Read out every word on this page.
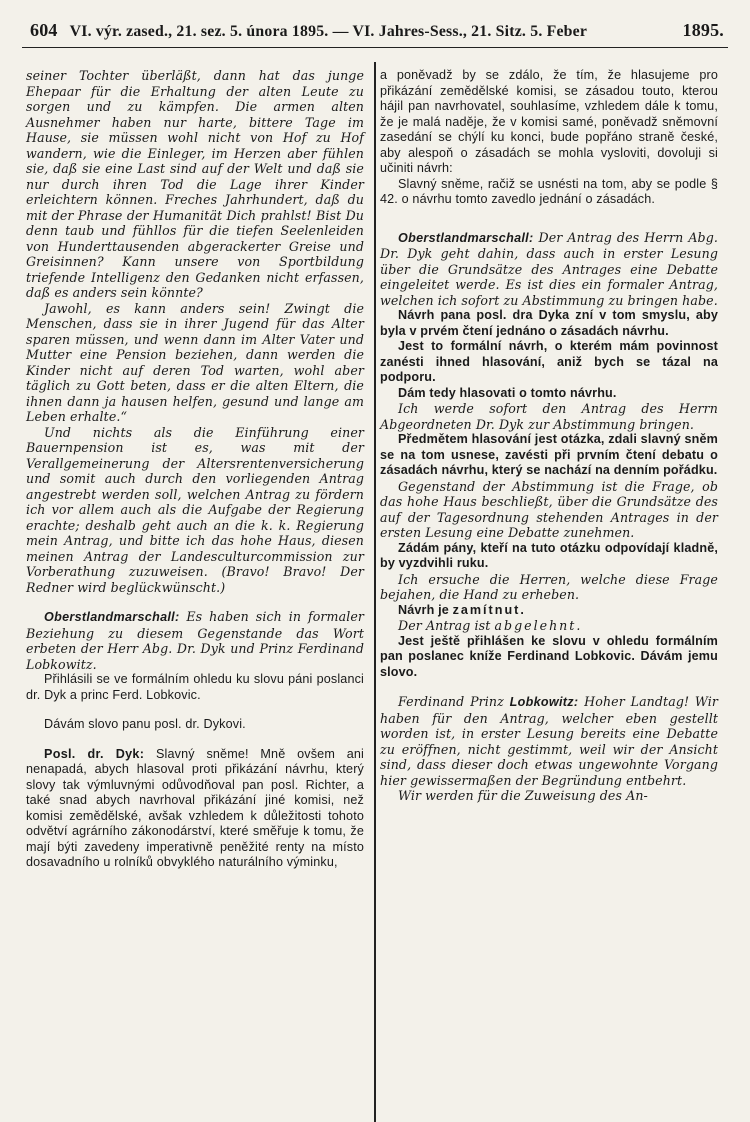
604 VI. výr. zased., 21. sez. 5. února 1895. — VI. Jahres-Sess., 21. Sitz. 5. Feber	1895.

seiner Tochter überläßt, dann hat das junge Ehepaar für die Erhaltung der alten Leute zu sorgen und zu kämpfen. Die armen alten Ausnehmer haben nur harte, bittere Tage im Hause, sie müssen wohl nicht von Hof zu Hof wandern, wie die Einleger, im Herzen aber fühlen sie, daß sie eine Last sind auf der Welt und daß sie nur durch ihren Tod die Lage ihrer Kinder erleichtern können. Freches Jahrhundert, daß du mit der Phrase der Humanität Dich prahlst! Bist Du denn taub und fühllos für die tiefen Seelenleiden von Hunderttausenden abgerackerter Greise und Greisinnen? Kann unsere von Sportbildung triefende Intelligenz den Gedanken nicht erfassen, daß es anders sein könnte?

Jawohl, es kann anders sein! Zwingt die Menschen, dass sie in ihrer Jugend für das Alter sparen müssen, und wenn dann im Alter Vater und Mutter eine Pension beziehen, dann werden die Kinder nicht auf deren Tod warten, wohl aber täglich zu Gott beten, dass er die alten Eltern, die ihnen dann ja hausen helfen, gesund und lange am Leben erhalte.“

Und nichts als die Einführung einer Bauernpension ist es, was mit der Verallgemeinerung der Altersrentenversicherung und somit auch durch den vorliegenden Antrag angestrebt werden soll, welchen Antrag zu fördern ich vor allem auch als die Aufgabe der Regierung erachte; deshalb geht auch an die k. k. Regierung mein Antrag, und bitte ich das hohe Haus, diesen meinen Antrag der Landesculturcommission zur Vorberathung zuzuweisen. (Bravo! Bravo! Der Redner wird beglückwünscht.)

Oberstlandmarschall: Es haben sich in formaler Beziehung zu diesem Gegenstande das Wort erbeten der Herr Abg. Dr. Dyk und Prinz Ferdinand Lobkowitz.

Přihlásili se ve formálním ohledu ku slovu páni poslanci dr. Dyk a princ Ferd. Lobkovic.

Dávám slovo panu posl. dr. Dykovi.

Posl. dr. Dyk: Slavný sněme! Mně ovšem ani nenapadá, abych hlasoval proti přikázání návrhu, který slovy tak výmluvnými odůvodňoval pan posl. Richter, a také snad abych navrhoval přikázání jiné komisi, než komisi zemědělské, avšak vzhledem k důležitosti tohoto odvětví agrárního zákonodárství, které směřuje k tomu, že mají býti zavedeny imperativně peněžité renty na místo dosavadního u rolníků obvyklého naturálního výminku,

a poněvadž by se zdálo, že tím, že hlasujeme pro přikázání zemědělské komisi, se zásadou touto, kterou hájil pan navrhovatel, souhlasíme, vzhledem dále k tomu, že je malá naděje, že v komisi samé, poněvadž sněmovní zasedání se chýlí ku konci, bude popřáno straně české, aby alespoň o zásadách se mohla vysloviti, dovoluji si učiniti návrh:

Slavný sněme, račiž se usnésti na tom, aby se podle § 42. o návrhu tomto zavedlo jednání o zásadách.

Oberstlandmarschall: Der Antrag des Herrn Abg. Dr. Dyk geht dahin, dass auch in erster Lesung über die Grundsätze des Antrages eine Debatte eingeleitet werde. Es ist dies ein formaler Antrag, welchen ich sofort zu Abstimmung zu bringen habe.

Návrh pana posl. dra Dyka zní v tom smyslu, aby byla v prvém čtení jednáno o zásadách návrhu.

Jest to formální návrh, o kterém mám povinnost zanésti ihned hlasování, aniž bych se tázal na podporu.

Dám tedy hlasovati o tomto návrhu.

Ich werde sofort den Antrag des Herrn Abgeordneten Dr. Dyk zur Abstimmung bringen.

Předmětem hlasování jest otázka, zdali slavný sněm se na tom usnese, zavésti při prvním čtení debatu o zásadách návrhu, který se nachází na denním pořádku.

Gegenstand der Abstimmung ist die Frage, ob das hohe Haus beschließt, über die Grundsätze des auf der Tagesordnung stehenden Antrages in der ersten Lesung eine Debatte zunehmen.

Zádám pány, kteří na tuto otázku odpovídají kladně, by vyzdvihli ruku.

Ich ersuche die Herren, welche diese Frage bejahen, die Hand zu erheben.

Návrh je zamítnut.

Der Antrag ist abgelehnt.

Jest ještě přihlášen ke slovu v ohledu formálním pan poslanec kníže Ferdinand Lobkovic. Dávám jemu slovo.

Ferdinand Prinz Lobkowitz: Hoher Landtag! Wir haben für den Antrag, welcher eben gestellt worden ist, in erster Lesung bereits eine Debatte zu eröffnen, nicht gestimmt, weil wir der Ansicht sind, dass dieser doch etwas ungewohnte Vorgang hier gewissermaßen der Begründung entbehrt.

Wir werden für die Zuweisung des An-
